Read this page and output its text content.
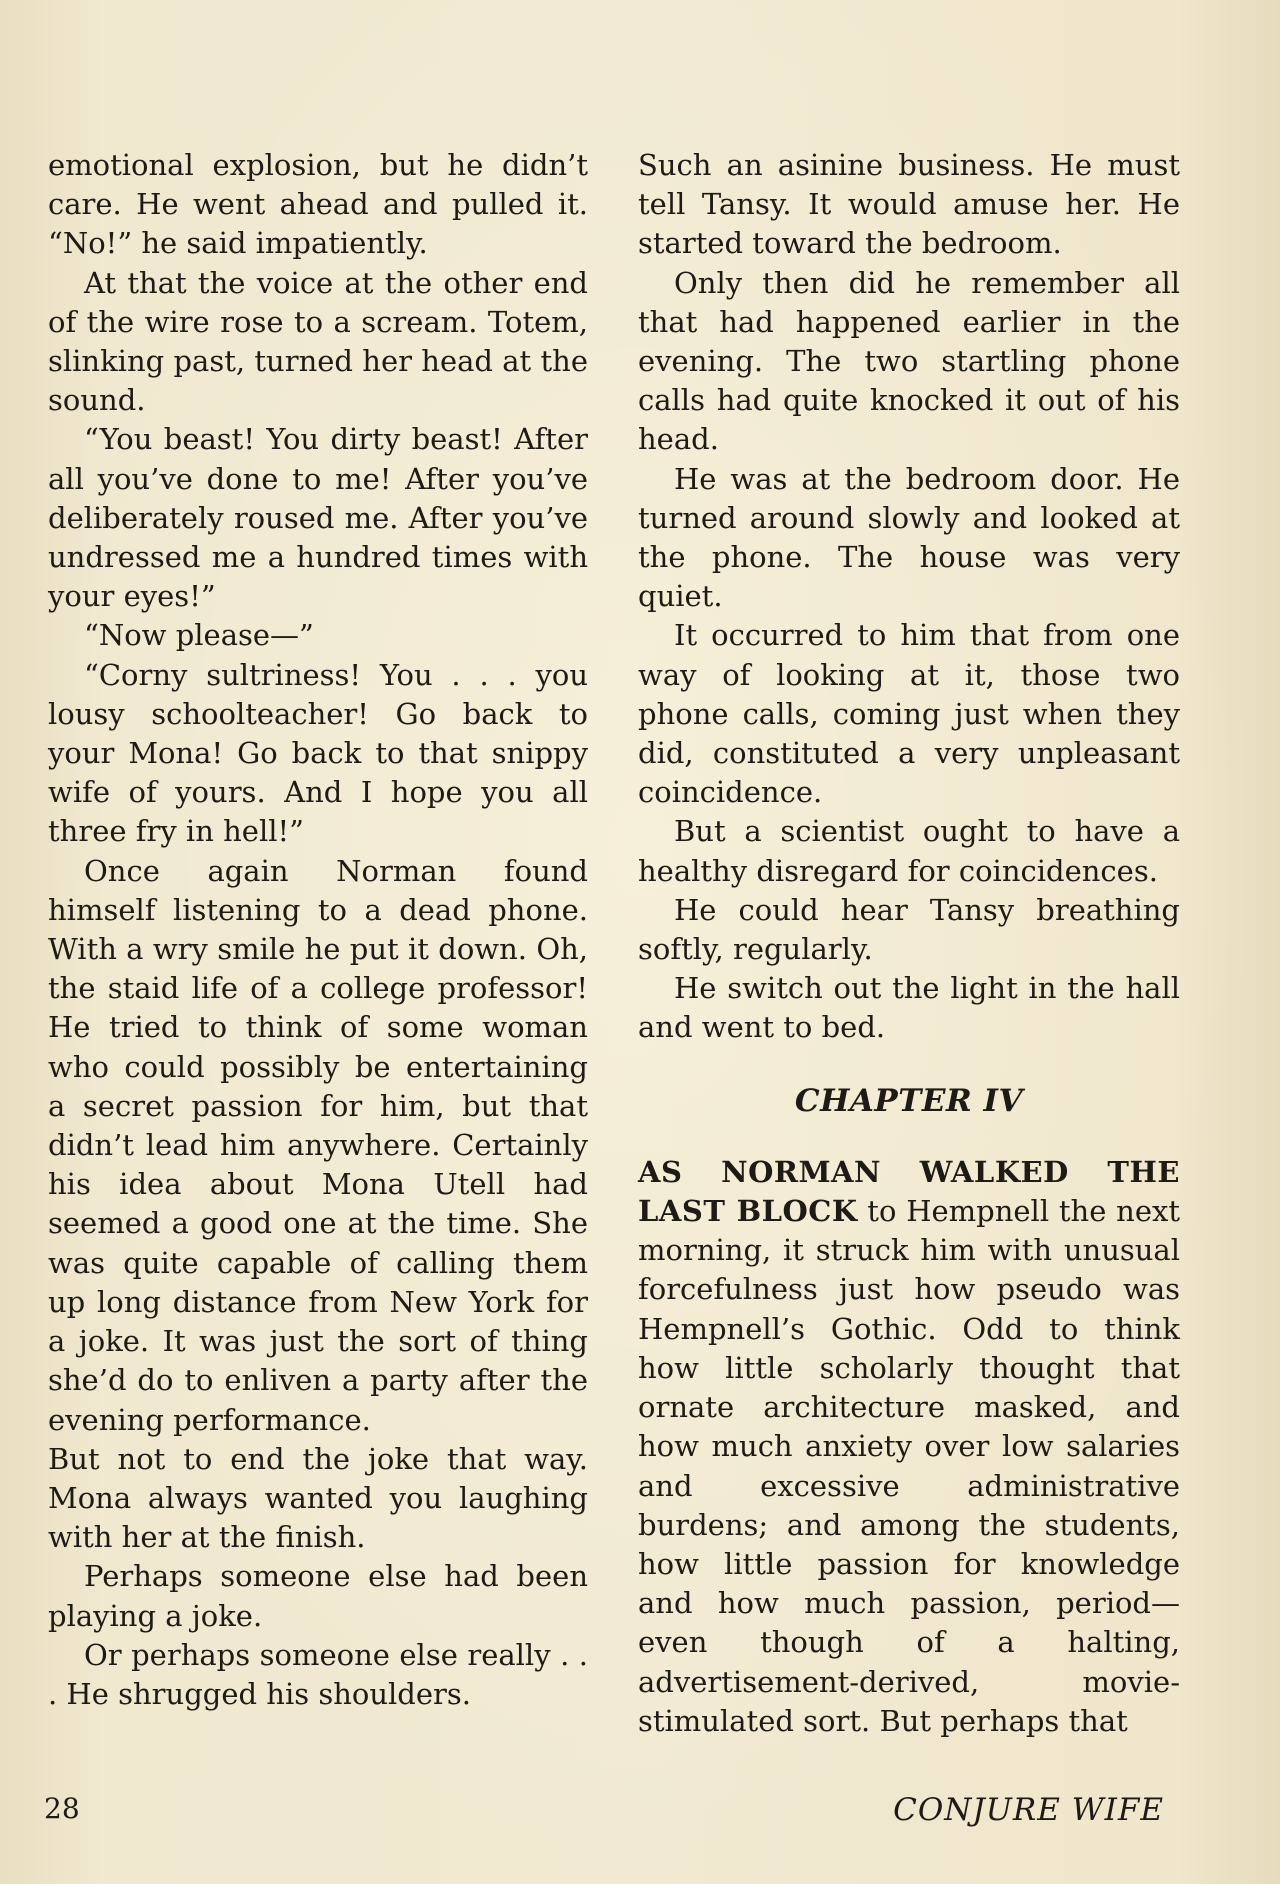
emotional explosion, but he didn’t care. He went ahead and pulled it. “No!” he said impatiently.

At that the voice at the other end of the wire rose to a scream. Totem, slinking past, turned her head at the sound.

“You beast! You dirty beast! After all you’ve done to me! After you’ve deliberately roused me. After you’ve undressed me a hundred times with your eyes!”

“Now please—”

“Corny sultriness! You . . . you lousy schoolteacher! Go back to your Mona! Go back to that snippy wife of yours. And I hope you all three fry in hell!”

Once again Norman found himself listening to a dead phone. With a wry smile he put it down. Oh, the staid life of a college professor! He tried to think of some woman who could possibly be entertaining a secret passion for him, but that didn’t lead him anywhere. Certainly his idea about Mona Utell had seemed a good one at the time. She was quite capable of calling them up long distance from New York for a joke. It was just the sort of thing she’d do to enliven a party after the evening performance.

But not to end the joke that way. Mona always wanted you laughing with her at the finish.

Perhaps someone else had been playing a joke.

Or perhaps someone else really . . . He shrugged his shoulders.

Such an asinine business. He must tell Tansy. It would amuse her. He started toward the bedroom.

Only then did he remember all that had happened earlier in the evening. The two startling phone calls had quite knocked it out of his head.

He was at the bedroom door. He turned around slowly and looked at the phone. The house was very quiet.

It occurred to him that from one way of looking at it, those two phone calls, coming just when they did, constituted a very unpleasant coincidence.

But a scientist ought to have a healthy disregard for coincidences.

He could hear Tansy breathing softly, regularly.

He switch out the light in the hall and went to bed.

CHAPTER IV

AS NORMAN WALKED THE LAST BLOCK to Hempnell the next morning, it struck him with unusual forcefulness just how pseudo was Hempnell’s Gothic. Odd to think how little scholarly thought that ornate architecture masked, and how much anxiety over low salaries and excessive administrative burdens; and among the students, how little passion for knowledge and how much passion, period—even though of a halting, advertisement-derived, movie-stimulated sort. But perhaps that

28	CONJURE WIFE
